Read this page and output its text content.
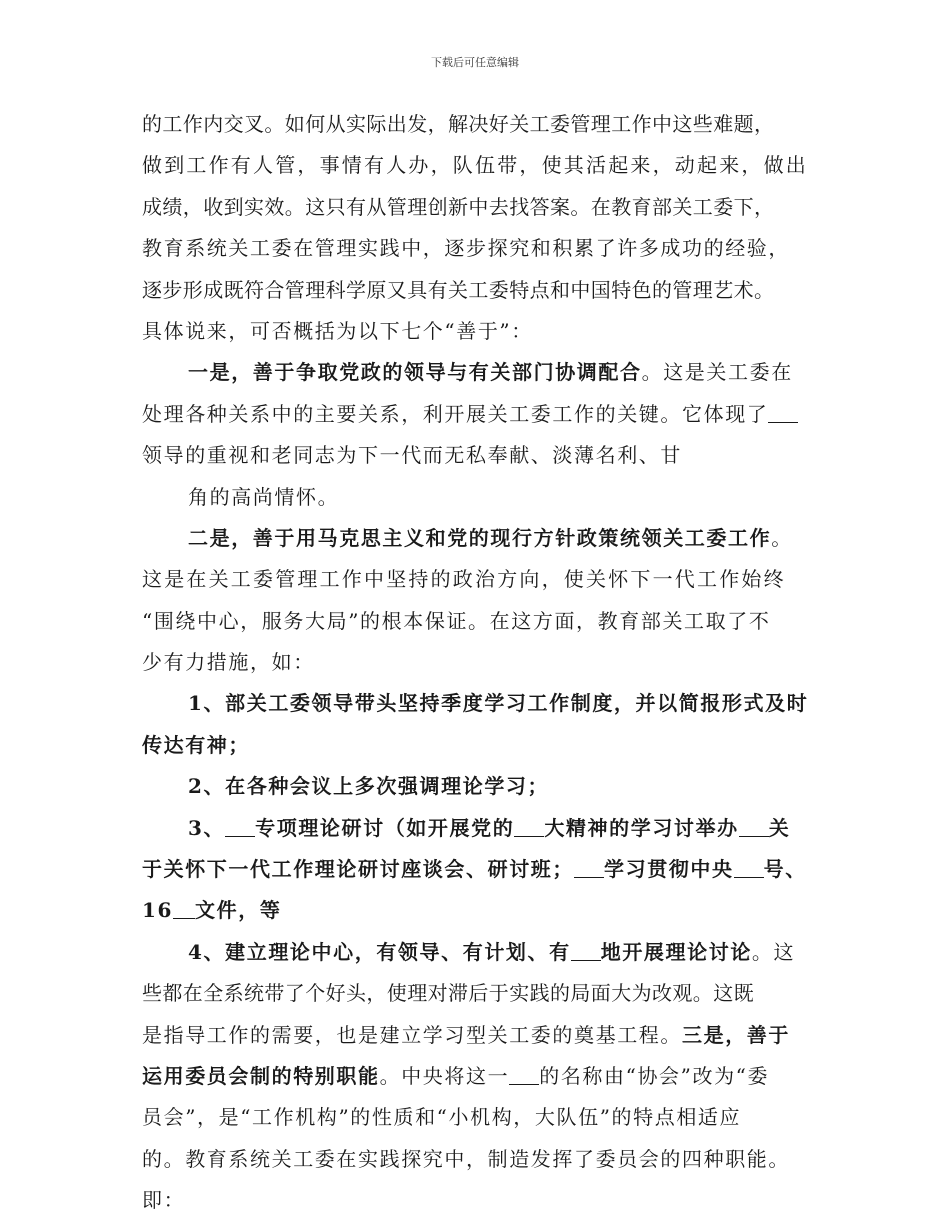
下载后可任意编辑
的工作内交叉。如何从实际出发，解决好关工委管理工作中这些难题，
做到工作有人管，事情有人办，队伍带，使其活起来，动起来，做出
成绩，收到实效。这只有从管理创新中去找答案。在教育部关工委下，
教育系统关工委在管理实践中，逐步探究和积累了许多成功的经验，
逐步形成既符合管理科学原又具有关工委特点和中国特色的管理艺术。
具体说来，可否概括为以下七个“善于”：
一是，善于争取党政的领导与有关部门协调配合。这是关工委在
处理各种关系中的主要关系，利开展关工委工作的关键。它体现了
领导的重视和老同志为下一代而无私奉献、淡薄名利、甘
角的高尚情怀。
二是，善于用马克思主义和党的现行方针政策统领关工委工作。
这是在关工委管理工作中坚持的政治方向，使关怀下一代工作始终
“围绕中心，服务大局”的根本保证。在这方面，教育部关工取了不
少有力措施，如：
1、部关工委领导带头坚持季度学习工作制度，并以简报形式及时
传达有神；
2、在各种会议上多次强调理论学习；
3、 专项理论研讨（如开展党的 大精神的学习讨举办 关
于关怀下一代工作理论研讨座谈会、研讨班； 学习贯彻中央 号、
16 文件，等
4、建立理论中心，有领导、有计划、有 地开展理论讨论。这
些都在全系统带了个好头，使理对滞后于实践的局面大为改观。这既
是指导工作的需要，也是建立学习型关工委的奠基工程。三是，善于
运用委员会制的特别职能。中央将这一 的名称由“协会”改为“委
员会”，是“工作机构”的性质和“小机构，大队伍”的特点相适应
的。教育系统关工委在实践探究中，制造发挥了委员会的四种职能。
即：
